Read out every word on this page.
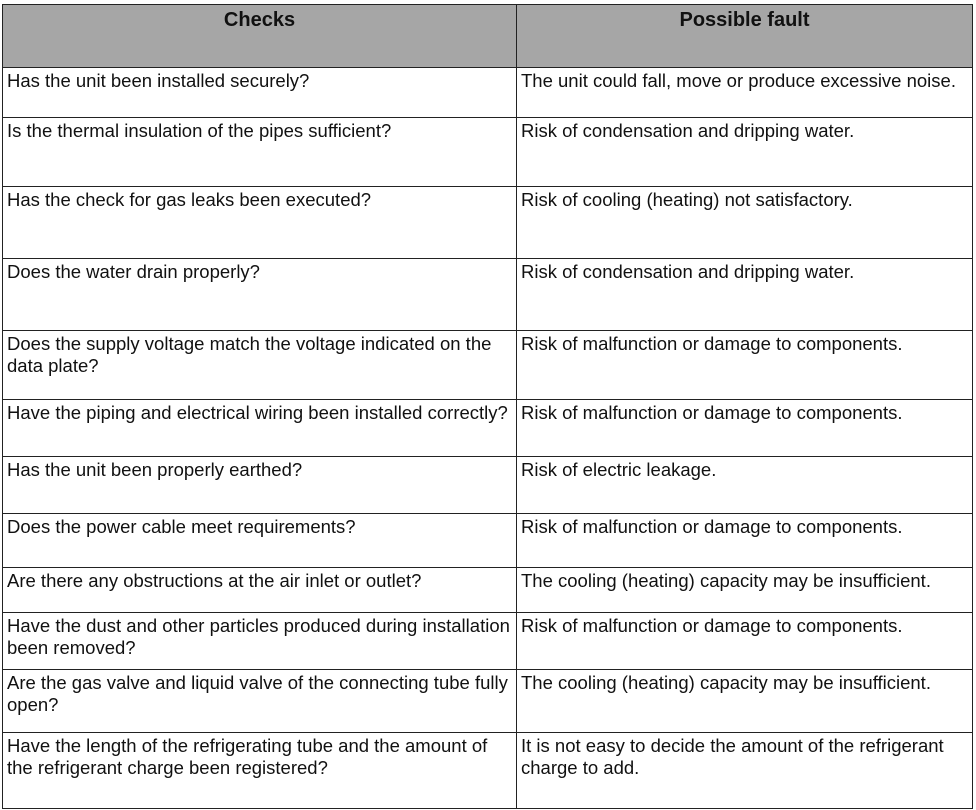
Checks	Possible fault
Has the unit been installed securely?	The unit could fall, move or produce excessive noise.
Is the thermal insulation of the pipes sufficient?	Risk of condensation and dripping water.
Has the check for gas leaks been executed?	Risk of cooling (heating) not satisfactory.
Does the water drain properly?	Risk of condensation and dripping water.
Does the supply voltage match the voltage indicated on the data plate?	Risk of malfunction or damage to components.
Have the piping and electrical wiring been installed correctly?	Risk of malfunction or damage to components.
Has the unit been properly earthed?	Risk of electric leakage.
Does the power cable meet requirements?	Risk of malfunction or damage to components.
Are there any obstructions at the air inlet or outlet?	The cooling (heating) capacity may be insufficient.
Have the dust and other particles produced during installation been removed?	Risk of malfunction or damage to components.
Are the gas valve and liquid valve of the connecting tube fully open?	The cooling (heating) capacity may be insufficient.
Have the length of the refrigerating tube and the amount of the refrigerant charge been registered?	It is not easy to decide the amount of the refrigerant charge to add.
